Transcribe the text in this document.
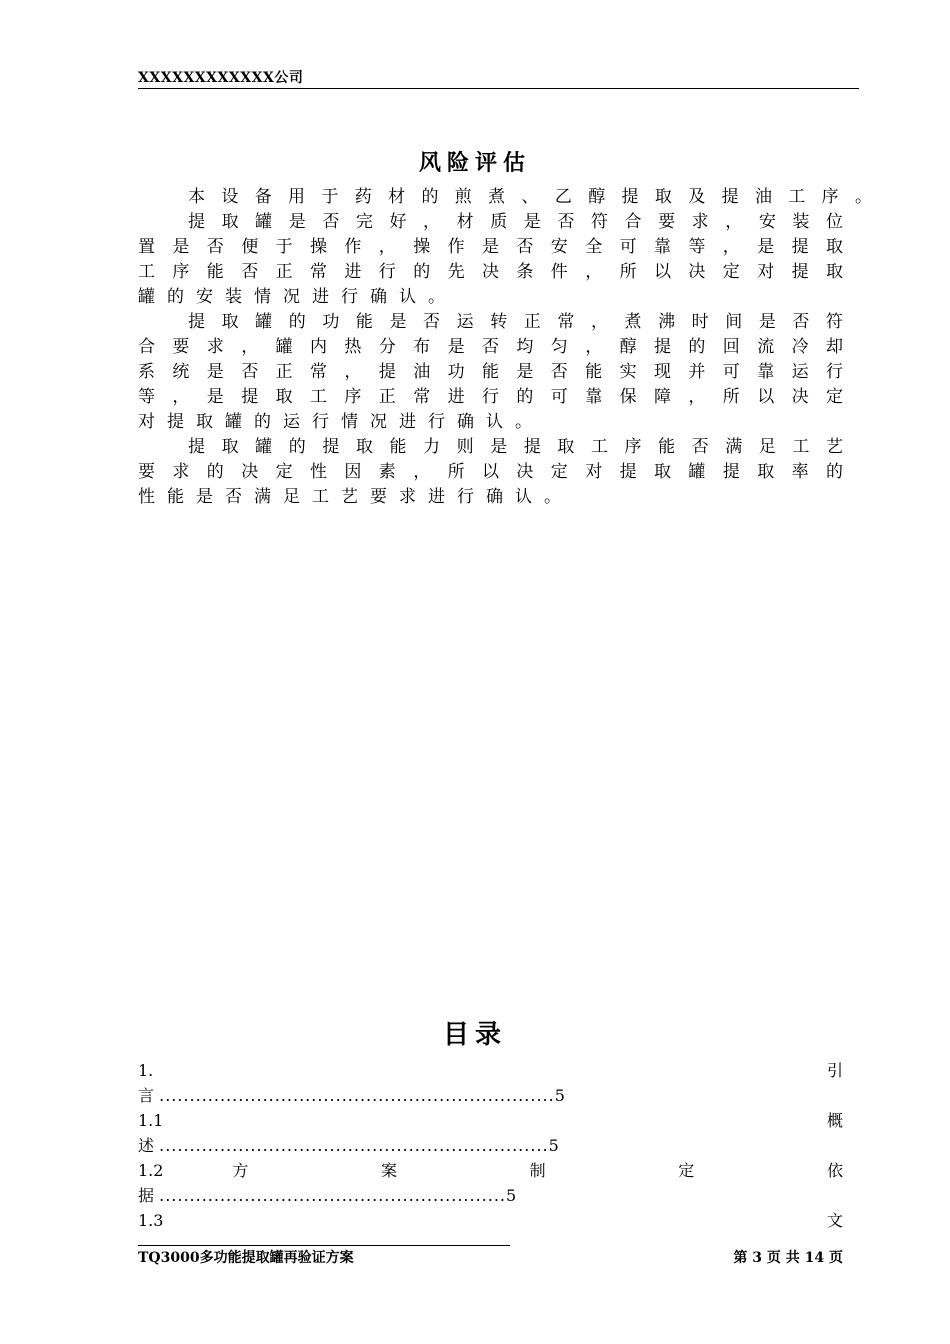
XXXXXXXXXXXX公司
风险评估
本设备用于药材的煎煮、乙醇提取及提油工序。
提取罐是否完好，材质是否符合要求，安装位
置是否便于操作，操作是否安全可靠等，是提取
工序能否正常进行的先决条件，所以决定对提取
罐的安装情况进行确认。
提取罐的功能是否运转正常，煮沸时间是否符
合要求，罐内热分布是否均匀，醇提的回流冷却
系统是否正常，提油功能是否能实现并可靠运行
等，是提取工序正常进行的可靠保障，所以决定
对提取罐的运行情况进行确认。
提取罐的提取能力则是提取工序能否满足工艺
要求的决定性因素，所以决定对提取罐提取率的
性能是否满足工艺要求进行确认。
目录
1.	引
言 .................................................................5
1.1	概
述 ................................................................5
1.2	方	案	制	定	依
据 .........................................................5
1.3	文
TQ3000多功能提取罐再验证方案	第 3 页 共 14 页
